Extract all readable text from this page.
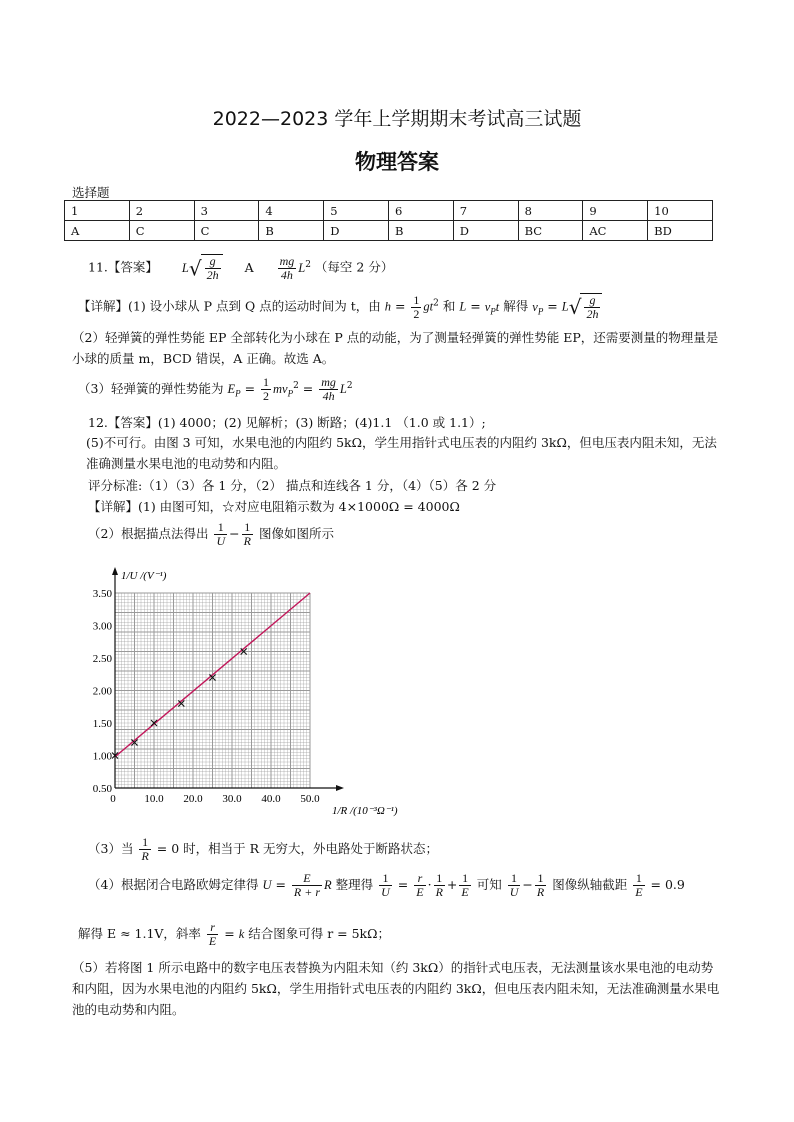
2022—2023 学年上学期期末考试高三试题
物理答案
选择题
1	2	3	4	5	6	7	8	9	10
A	C	C	B	D	B	D	BC	AC	BD
11.【答案】 $L√ \frac{g}{2h}$ A $\frac{mg}{4h} L^2$ （每空 2 分）
【详解】(1) 设小球从 P 点到 Q 点的运动时间为 t，由 $h = \frac{1}{2} gt^2$ 和 $L = v_Pt$ 解得 $v_P = L√ \frac{g}{2h}$
（2）轻弹簧的弹性势能 EP 全部转化为小球在 P 点的动能，为了测量轻弹簧的弹性势能 EP，还需要测量的物理量是小球的质量 m，BCD 错误，A 正确。故选 A。
（3）轻弹簧的弹性势能为 $E_P = \frac{1}{2} mv_P^2 = \frac{mg}{4h} L^2$
12.【答案】(1) 4000；(2) 见解析；(3) 断路；(4)1.1 （1.0 或 1.1）;
(5)不可行。由图 3 可知，水果电池的内阻约 5kΩ，学生用指针式电压表的内阻约 3kΩ，但电压表内阻未知，无法准确测量水果电池的电动势和内阻。
评分标准:（1）（3）各 1 分，（2） 描点和连线各 1 分，（4）（5）各 2 分
【详解】(1) 由图可知，☆对应电阻箱示数为 4×1000Ω = 4000Ω
（2）根据描点法得出 $\frac{1}{U} - \frac{1}{R}$ 图像如图所示
0	10.0 20.0 30.0 40.0 50.0
0.50
1.00
1.50
2.00
2.50
3.00
3.50
1/U /(V⁻¹)
1/R /(10⁻³Ω⁻¹)
（3）当 $\frac{1}{R} = 0$ 时，相当于 R 无穷大，外电路处于断路状态；
（4）根据闭合电路欧姆定律得 $U = \frac{E}{R + r}$ R 整理得 $\frac{1}{U} = \frac{r}{E} \cdot \frac{1}{R} + \frac{1}{E}$ 可知 $\frac{1}{U} - \frac{1}{R}$ 图像纵轴截距 $\frac{1}{E} = 0.9$
解得 E ≈ 1.1V，斜率 $\frac{r}{E} = k$ 结合图象可得 r = 5kΩ；
（5）若将图 1 所示电路中的数字电压表替换为内阻未知（约 3kΩ）的指针式电压表，无法测量该水果电池的电动势和内阻，因为水果电池的内阻约 5kΩ，学生用指针式电压表的内阻约 3kΩ，但电压表内阻未知，无法准确测量水果电池的电动势和内阻。
